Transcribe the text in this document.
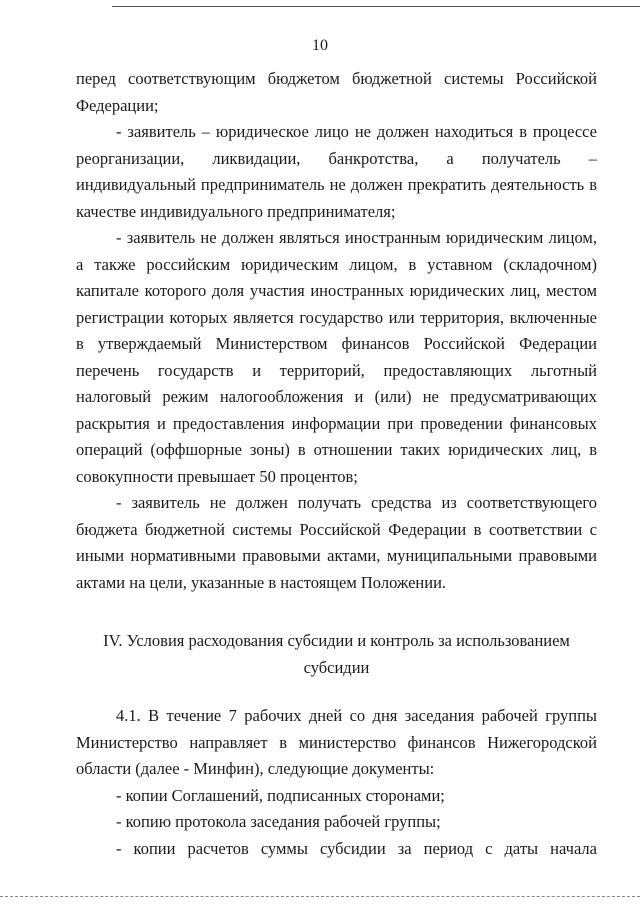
10

перед соответствующим бюджетом бюджетной системы Российской Федерации;

- заявитель – юридическое лицо не должен находиться в процессе реорганизации, ликвидации, банкротства, а получатель – индивидуальный предприниматель не должен прекратить деятельность в качестве индивидуального предпринимателя;

- заявитель не должен являться иностранным юридическим лицом, а также российским юридическим лицом, в уставном (складочном) капитале которого доля участия иностранных юридических лиц, местом регистрации которых является государство или территория, включенные в утверждаемый Министерством финансов Российской Федерации перечень государств и территорий, предоставляющих льготный налоговый режим налогообложения и (или) не предусматривающих раскрытия и предоставления информации при проведении финансовых операций (оффшорные зоны) в отношении таких юридических лиц, в совокупности превышает 50 процентов;

- заявитель не должен получать средства из соответствующего бюджета бюджетной системы Российской Федерации в соответствии с иными нормативными правовыми актами, муниципальными правовыми актами на цели, указанные в настоящем Положении.

IV. Условия расходования субсидии и контроль за использованием
субсидии

4.1. В течение 7 рабочих дней со дня заседания рабочей группы Министерство направляет в министерство финансов Нижегородской области (далее - Минфин), следующие документы:

- копии Соглашений, подписанных сторонами;

- копию протокола заседания рабочей группы;

- копии расчетов суммы субсидии за период с даты начала
